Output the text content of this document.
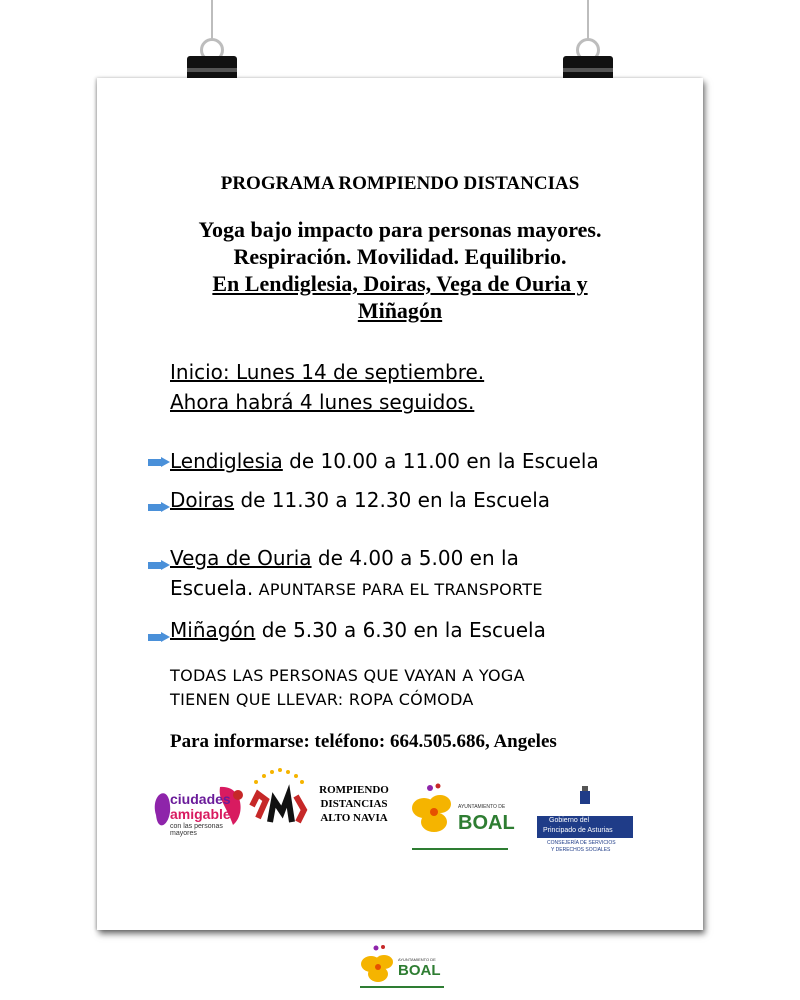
PROGRAMA ROMPIENDO DISTANCIAS
Yoga bajo impacto para personas mayores.
Respiración. Movilidad. Equilibrio.
En Lendiglesia, Doiras, Vega de Ouria y
Miñagón
Inicio: Lunes 14 de septiembre.
Ahora habrá 4 lunes seguidos.
Lendiglesia de 10.00 a 11.00 en la Escuela
Doiras de 11.30 a 12.30 en la Escuela
Vega de Ouria de 4.00 a 5.00 en la
Escuela. APUNTARSE PARA EL TRANSPORTE
Miñagón de 5.30 a 6.30 en la Escuela
TODAS LAS PERSONAS QUE VAYAN A YOGA
TIENEN QUE LLEVAR: ROPA CÓMODA
Para informarse: teléfono: 664.505.686, Angeles
ciudades
amigables
con las personas mayores
ROMPIENDO
DISTANCIAS
ALTO NAVIA
AYUNTAMIENTO DE
BOAL	Gobierno del
Principado de Asturias
CONSEJERÍA DE SERVICIOS
Y DERECHOS SOCIALES
AYUNTAMIENTO DE
BOAL
